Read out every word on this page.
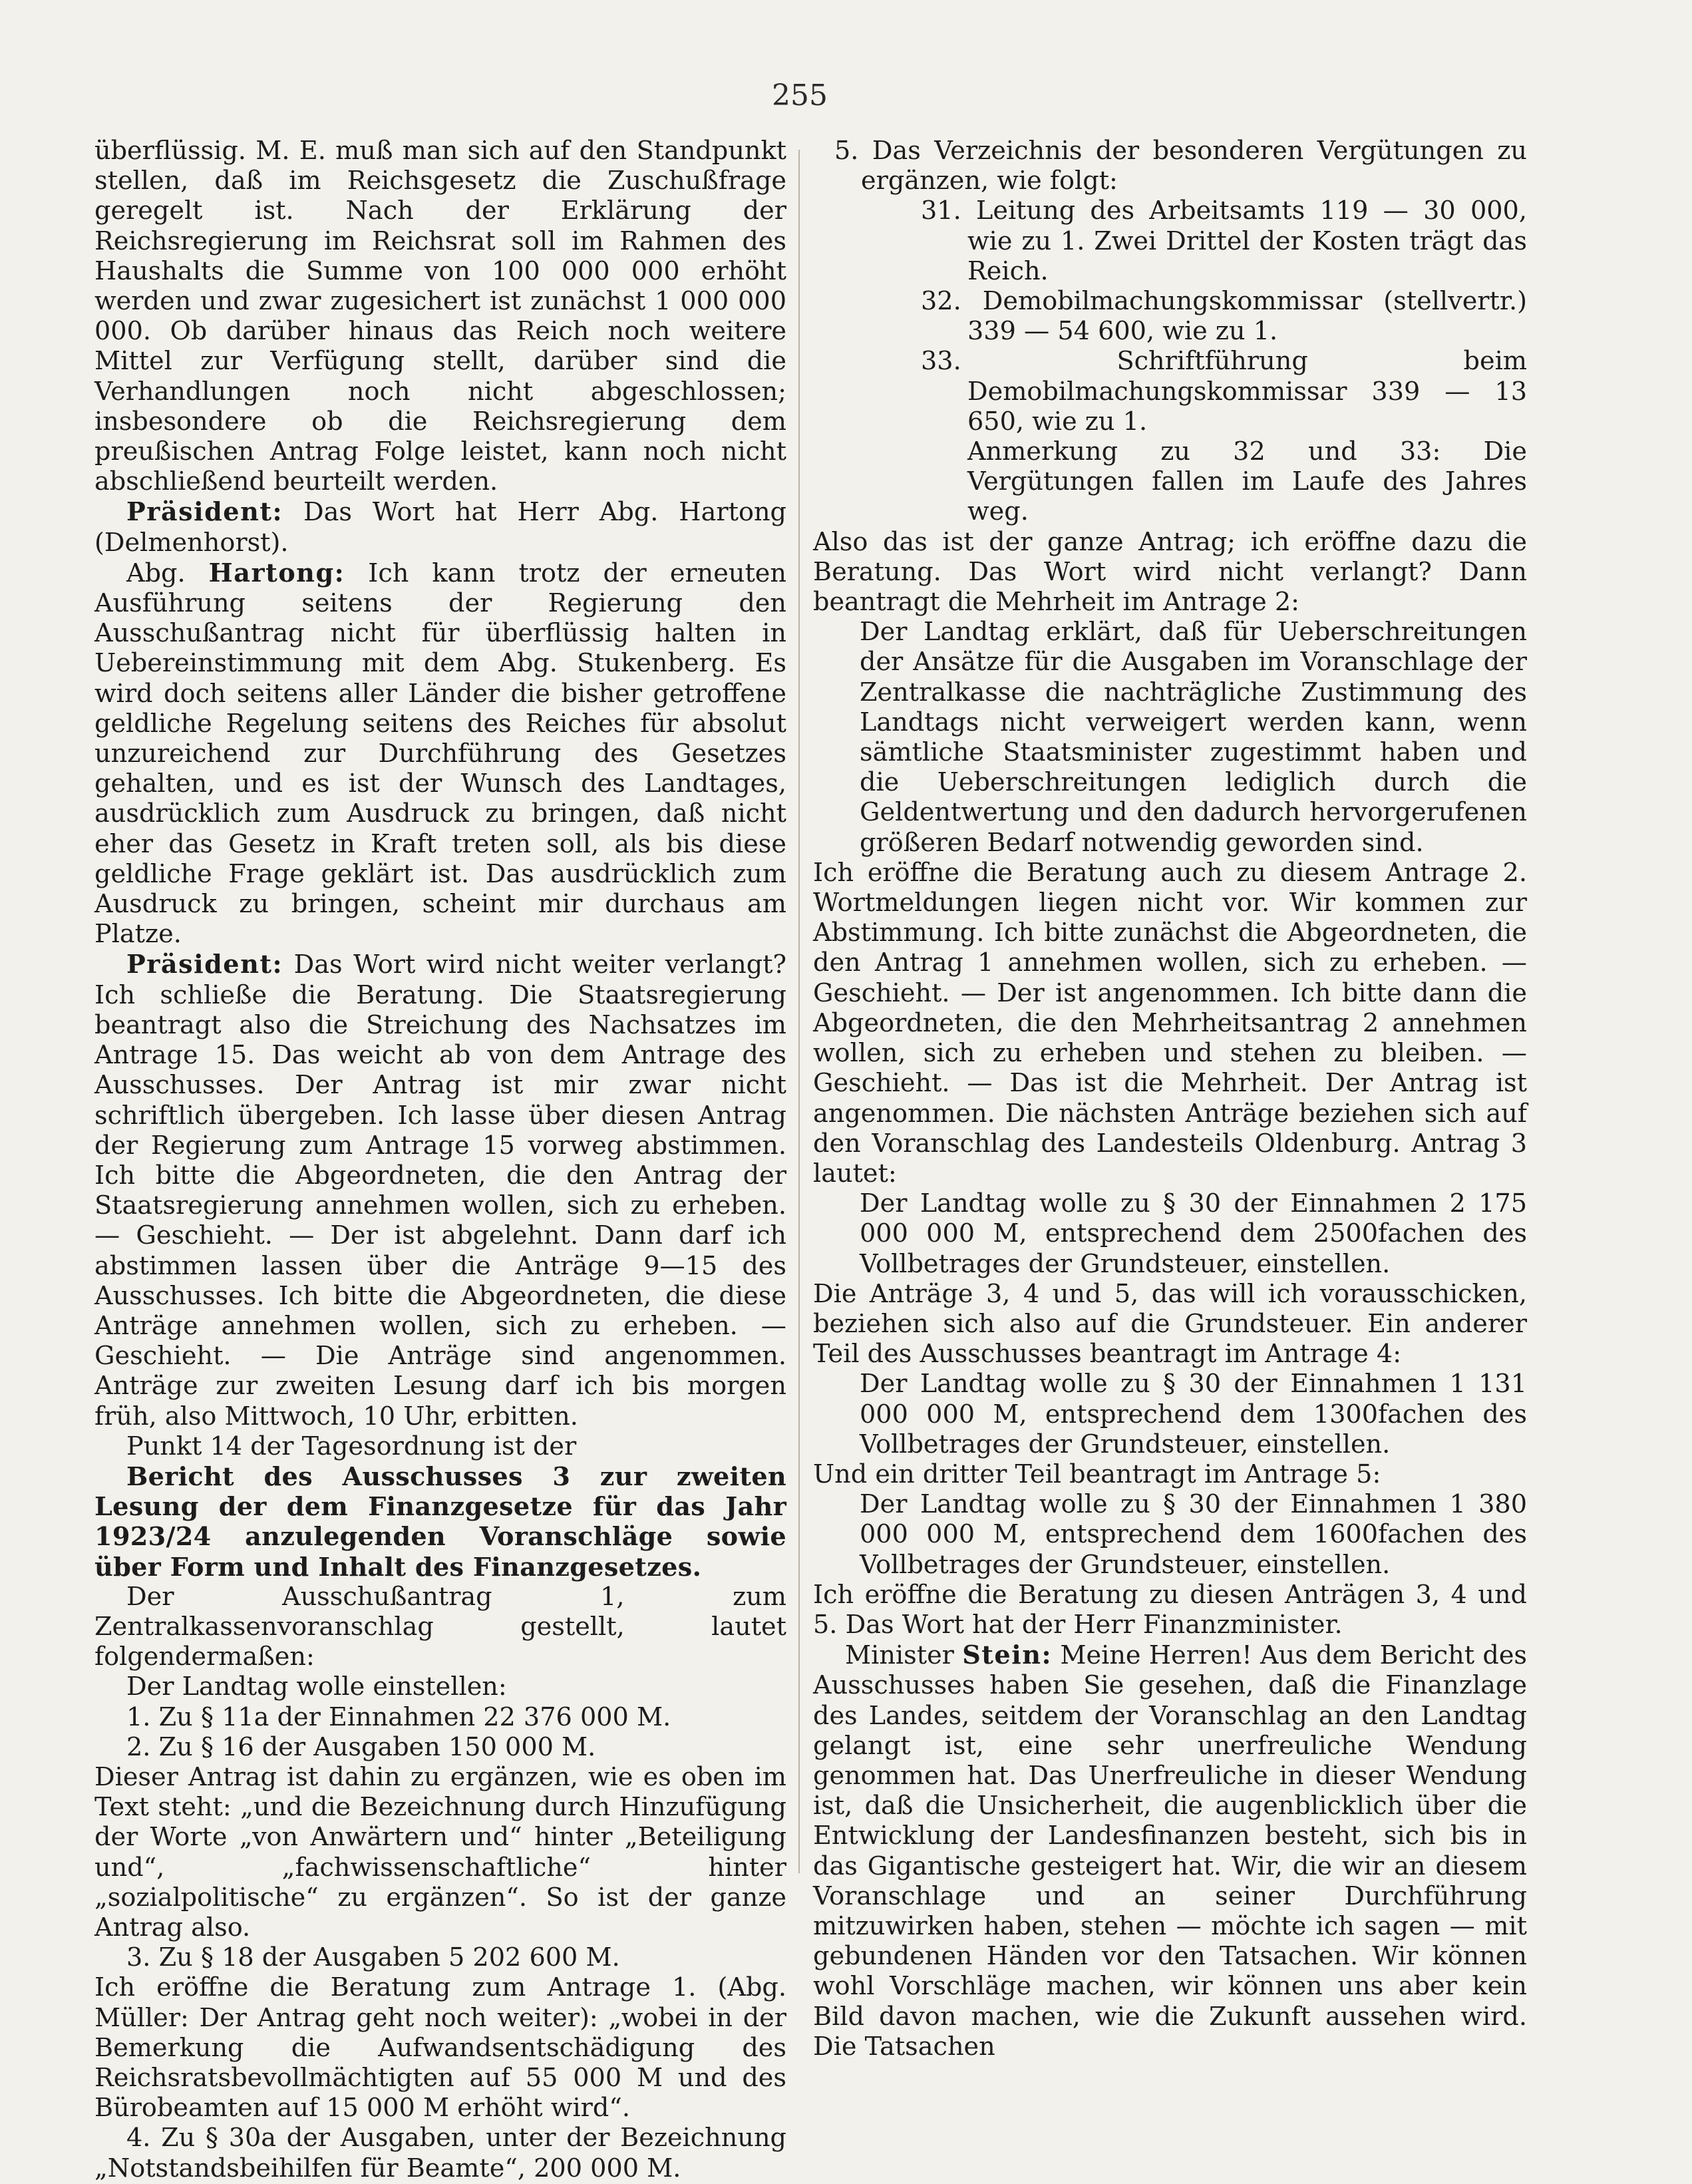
255

überflüssig. M. E. muß man sich auf den Standpunkt stellen, daß im Reichsgesetz die Zuschußfrage geregelt ist. Nach der Erklärung der Reichsregierung im Reichsrat soll im Rahmen des Haushalts die Summe von 100 000 000 erhöht werden und zwar zugesichert ist zunächst 1 000 000 000. Ob darüber hinaus das Reich noch weitere Mittel zur Verfügung stellt, darüber sind die Verhandlungen noch nicht abgeschlossen; insbesondere ob die Reichsregierung dem preußischen Antrag Folge leistet, kann noch nicht abschließend beurteilt werden.

Präsident: Das Wort hat Herr Abg. Hartong (Delmenhorst).

Abg. Hartong: Ich kann trotz der erneuten Ausführung seitens der Regierung den Ausschußantrag nicht für überflüssig halten in Uebereinstimmung mit dem Abg. Stukenberg. Es wird doch seitens aller Länder die bisher getroffene geldliche Regelung seitens des Reiches für absolut unzureichend zur Durchführung des Gesetzes gehalten, und es ist der Wunsch des Landtages, ausdrücklich zum Ausdruck zu bringen, daß nicht eher das Gesetz in Kraft treten soll, als bis diese geldliche Frage geklärt ist. Das ausdrücklich zum Ausdruck zu bringen, scheint mir durchaus am Platze.

Präsident: Das Wort wird nicht weiter verlangt? Ich schließe die Beratung. Die Staatsregierung beantragt also die Streichung des Nachsatzes im Antrage 15. Das weicht ab von dem Antrage des Ausschusses. Der Antrag ist mir zwar nicht schriftlich übergeben. Ich lasse über diesen Antrag der Regierung zum Antrage 15 vorweg abstimmen. Ich bitte die Abgeordneten, die den Antrag der Staatsregierung annehmen wollen, sich zu erheben. — Geschieht. — Der ist abgelehnt. Dann darf ich abstimmen lassen über die Anträge 9—15 des Ausschusses. Ich bitte die Abgeordneten, die diese Anträge annehmen wollen, sich zu erheben. — Geschieht. — Die Anträge sind angenommen. Anträge zur zweiten Lesung darf ich bis morgen früh, also Mittwoch, 10 Uhr, erbitten.

Punkt 14 der Tagesordnung ist der

Bericht des Ausschusses 3 zur zweiten Lesung der dem Finanzgesetze für das Jahr 1923/24 anzulegenden Voranschläge sowie über Form und Inhalt des Finanzgesetzes.

Der Ausschußantrag 1, zum Zentralkassenvoranschlag gestellt, lautet folgendermaßen:

Der Landtag wolle einstellen:

1. Zu § 11a der Einnahmen 22 376 000 M.

2. Zu § 16 der Ausgaben 150 000 M.

Dieser Antrag ist dahin zu ergänzen, wie es oben im Text steht: „und die Bezeichnung durch Hinzufügung der Worte „von Anwärtern und“ hinter „Beteiligung und“, „fachwissenschaftliche“ hinter „sozialpolitische“ zu ergänzen“. So ist der ganze Antrag also.

3. Zu § 18 der Ausgaben 5 202 600 M.

Ich eröffne die Beratung zum Antrage 1. (Abg. Müller: Der Antrag geht noch weiter): „wobei in der Bemerkung die Aufwandsentschädigung des Reichsratsbevollmächtigten auf 55 000 M und des Bürobeamten auf 15 000 M erhöht wird“.

4. Zu § 30a der Ausgaben, unter der Bezeichnung „Notstandsbeihilfen für Beamte“, 200 000 M.

5. Das Verzeichnis der besonderen Vergütungen zu ergänzen, wie folgt:

31. Leitung des Arbeitsamts 119 — 30 000, wie zu 1. Zwei Drittel der Kosten trägt das Reich.

32. Demobilmachungskommissar (stellvertr.) 339 — 54 600, wie zu 1.

33. Schriftführung beim Demobilmachungskommissar 339 — 13 650, wie zu 1.

Anmerkung zu 32 und 33: Die Vergütungen fallen im Laufe des Jahres weg.

Also das ist der ganze Antrag; ich eröffne dazu die Beratung. Das Wort wird nicht verlangt? Dann beantragt die Mehrheit im Antrage 2:

Der Landtag erklärt, daß für Ueberschreitungen der Ansätze für die Ausgaben im Voranschlage der Zentralkasse die nachträgliche Zustimmung des Landtags nicht verweigert werden kann, wenn sämtliche Staatsminister zugestimmt haben und die Ueberschreitungen lediglich durch die Geldentwertung und den dadurch hervorgerufenen größeren Bedarf notwendig geworden sind.

Ich eröffne die Beratung auch zu diesem Antrage 2. Wortmeldungen liegen nicht vor. Wir kommen zur Abstimmung. Ich bitte zunächst die Abgeordneten, die den Antrag 1 annehmen wollen, sich zu erheben. — Geschieht. — Der ist angenommen. Ich bitte dann die Abgeordneten, die den Mehrheitsantrag 2 annehmen wollen, sich zu erheben und stehen zu bleiben. — Geschieht. — Das ist die Mehrheit. Der Antrag ist angenommen. Die nächsten Anträge beziehen sich auf den Voranschlag des Landesteils Oldenburg. Antrag 3 lautet:

Der Landtag wolle zu § 30 der Einnahmen 2 175 000 000 M, entsprechend dem 2500fachen des Vollbetrages der Grundsteuer, einstellen.

Die Anträge 3, 4 und 5, das will ich vorausschicken, beziehen sich also auf die Grundsteuer. Ein anderer Teil des Ausschusses beantragt im Antrage 4:

Der Landtag wolle zu § 30 der Einnahmen 1 131 000 000 M, entsprechend dem 1300fachen des Vollbetrages der Grundsteuer, einstellen.

Und ein dritter Teil beantragt im Antrage 5:

Der Landtag wolle zu § 30 der Einnahmen 1 380 000 000 M, entsprechend dem 1600fachen des Vollbetrages der Grundsteuer, einstellen.

Ich eröffne die Beratung zu diesen Anträgen 3, 4 und 5. Das Wort hat der Herr Finanzminister.

Minister Stein: Meine Herren! Aus dem Bericht des Ausschusses haben Sie gesehen, daß die Finanzlage des Landes, seitdem der Voranschlag an den Landtag gelangt ist, eine sehr unerfreuliche Wendung genommen hat. Das Unerfreuliche in dieser Wendung ist, daß die Unsicherheit, die augenblicklich über die Entwicklung der Landesfinanzen besteht, sich bis in das Gigantische gesteigert hat. Wir, die wir an diesem Voranschlage und an seiner Durchführung mitzuwirken haben, stehen — möchte ich sagen — mit gebundenen Händen vor den Tatsachen. Wir können wohl Vorschläge machen, wir können uns aber kein Bild davon machen, wie die Zukunft aussehen wird. Die Tatsachen
